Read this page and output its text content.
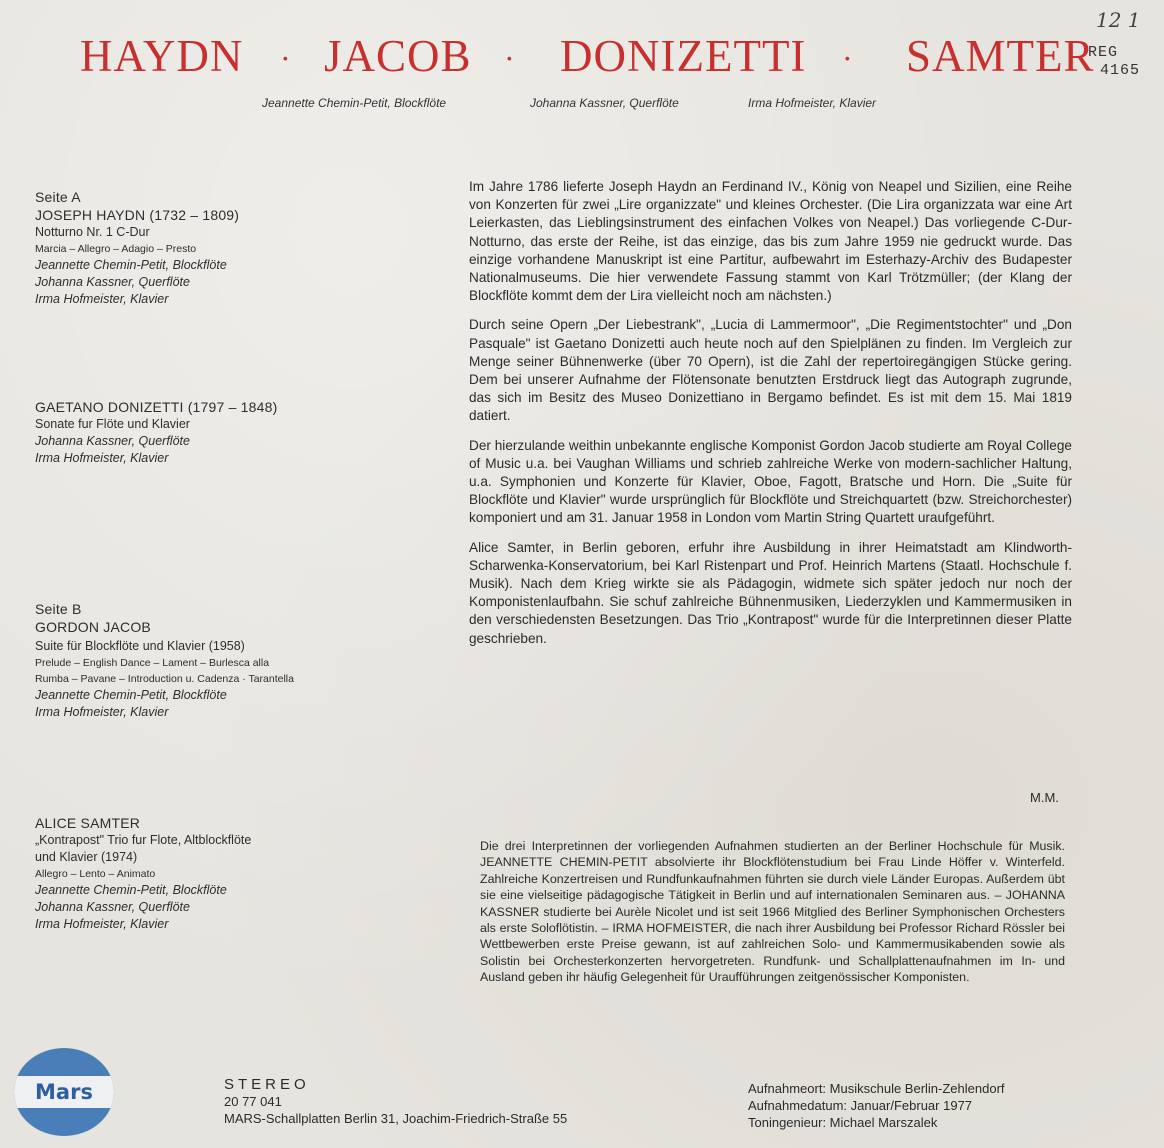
12 1
HAYDN · JACOB · DONIZETTI · SAMTER
REG
4165
Jeannette Chemin-Petit, Blockflöte	Johanna Kassner, Querflöte	Irma Hofmeister, Klavier
Seite A
JOSEPH HAYDN (1732 – 1809)
Notturno Nr. 1 C-Dur
Marcia – Allegro – Adagio – Presto
Jeannette Chemin-Petit, Blockflöte
Johanna Kassner, Querflöte
Irma Hofmeister, Klavier
GAETANO DONIZETTI (1797 – 1848)
Sonate fur Flöte und Klavier
Johanna Kassner, Querflöte
Irma Hofmeister, Klavier
Seite B
GORDON JACOB
Suite für Blockflöte und Klavier (1958)
Prelude – English Dance – Lament – Burlesca alla
Rumba – Pavane – Introduction u. Cadenza · Tarantella
Jeannette Chemin-Petit, Blockflöte
Irma Hofmeister, Klavier
ALICE SAMTER
„Kontrapost" Trio fur Flote, Altblockflöte
und Klavier (1974)
Allegro – Lento – Animato
Jeannette Chemin-Petit, Blockflöte
Johanna Kassner, Querflöte
Irma Hofmeister, Klavier

Im Jahre 1786 lieferte Joseph Haydn an Ferdinand IV., König von Neapel und Sizilien, eine Reihe von Konzerten für zwei „Lire organizzate" und kleines Orchester. (Die Lira organizzata war eine Art Leierkasten, das Lieblingsinstrument des einfachen Volkes von Neapel.) Das vorliegende C-Dur-Notturno, das erste der Reihe, ist das einzige, das bis zum Jahre 1959 nie gedruckt wurde. Das einzige vorhandene Manuskript ist eine Partitur, aufbewahrt im Esterhazy-Archiv des Budapester Nationalmuseums. Die hier verwendete Fassung stammt von Karl Trötzmüller; (der Klang der Blockflöte kommt dem der Lira vielleicht noch am nächsten.)

Durch seine Opern „Der Liebestrank", „Lucia di Lammermoor", „Die Regimentstochter" und „Don Pasquale" ist Gaetano Donizetti auch heute noch auf den Spielplänen zu finden. Im Vergleich zur Menge seiner Bühnenwerke (über 70 Opern), ist die Zahl der repertoiregängigen Stücke gering. Dem bei unserer Aufnahme der Flötensonate benutzten Erstdruck liegt das Autograph zugrunde, das sich im Besitz des Museo Donizettiano in Bergamo befindet. Es ist mit dem 15. Mai 1819 datiert.

Der hierzulande weithin unbekannte englische Komponist Gordon Jacob studierte am Royal College of Music u.a. bei Vaughan Williams und schrieb zahlreiche Werke von modern-sachlicher Haltung, u.a. Symphonien und Konzerte für Klavier, Oboe, Fagott, Bratsche und Horn. Die „Suite für Blockflöte und Klavier" wurde ursprünglich für Blockflöte und Streichquartett (bzw. Streichorchester) komponiert und am 31. Januar 1958 in London vom Martin String Quartett uraufgeführt.

Alice Samter, in Berlin geboren, erfuhr ihre Ausbildung in ihrer Heimatstadt am Klindworth-Scharwenka-Konservatorium, bei Karl Ristenpart und Prof. Heinrich Martens (Staatl. Hochschule f. Musik). Nach dem Krieg wirkte sie als Pädagogin, widmete sich später jedoch nur noch der Komponistenlaufbahn. Sie schuf zahlreiche Bühnenmusiken, Liederzyklen und Kammermusiken in den verschiedensten Besetzungen. Das Trio „Kontrapost" wurde für die Interpretinnen dieser Platte geschrieben.

M.M.
Die drei Interpretinnen der vorliegenden Aufnahmen studierten an der Berliner Hochschule für Musik. JEANNETTE CHEMIN-PETIT absolvierte ihr Blockflötenstudium bei Frau Linde Höffer v. Winterfeld. Zahlreiche Konzertreisen und Rundfunkaufnahmen führten sie durch viele Länder Europas. Außerdem übt sie eine vielseitige pädagogische Tätigkeit in Berlin und auf internationalen Seminaren aus. – JOHANNA KASSNER studierte bei Aurèle Nicolet und ist seit 1966 Mitglied des Berliner Symphonischen Orchesters als erste Soloflötistin. – IRMA HOFMEISTER, die nach ihrer Ausbildung bei Professor Richard Rössler bei Wettbewerben erste Preise gewann, ist auf zahlreichen Solo- und Kammermusikabenden sowie als Solistin bei Orchesterkonzerten hervorgetreten. Rundfunk- und Schallplattenaufnahmen im In- und Ausland geben ihr häufig Gelegenheit für Uraufführungen zeitgenössischer Komponisten.
Mars	STEREO
20 77 041
MARS-Schallplatten Berlin 31, Joachim-Friedrich-Straße 55
Aufnahmeort: Musikschule Berlin-Zehlendorf
Aufnahmedatum: Januar/Februar 1977
Toningenieur: Michael Marszalek
